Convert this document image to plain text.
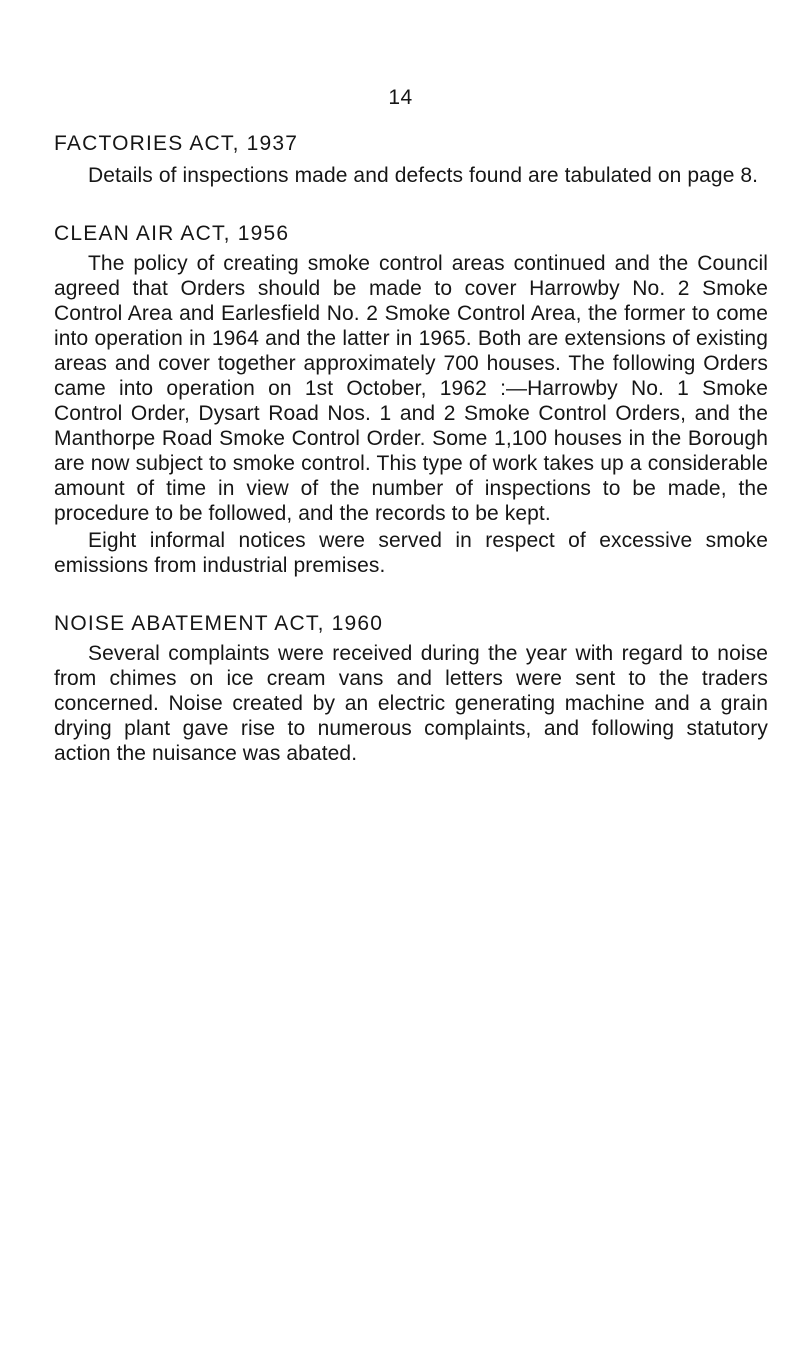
14
FACTORIES ACT, 1937

Details of inspections made and defects found are tabulated on page 8.

CLEAN AIR ACT, 1956

The policy of creating smoke control areas continued and the Council agreed that Orders should be made to cover Harrowby No. 2 Smoke Control Area and Earlesfield No. 2 Smoke Control Area, the former to come into operation in 1964 and the latter in 1965. Both are extensions of existing areas and cover together approximately 700 houses. The following Orders came into operation on 1st October, 1962 :—Harrowby No. 1 Smoke Control Order, Dysart Road Nos. 1 and 2 Smoke Control Orders, and the Manthorpe Road Smoke Control Order. Some 1,100 houses in the Borough are now subject to smoke control. This type of work takes up a considerable amount of time in view of the number of inspections to be made, the procedure to be followed, and the records to be kept.

Eight informal notices were served in respect of excessive smoke emissions from industrial premises.

NOISE ABATEMENT ACT, 1960

Several complaints were received during the year with regard to noise from chimes on ice cream vans and letters were sent to the traders concerned. Noise created by an electric generating machine and a grain drying plant gave rise to numerous complaints, and following statutory action the nuisance was abated.
